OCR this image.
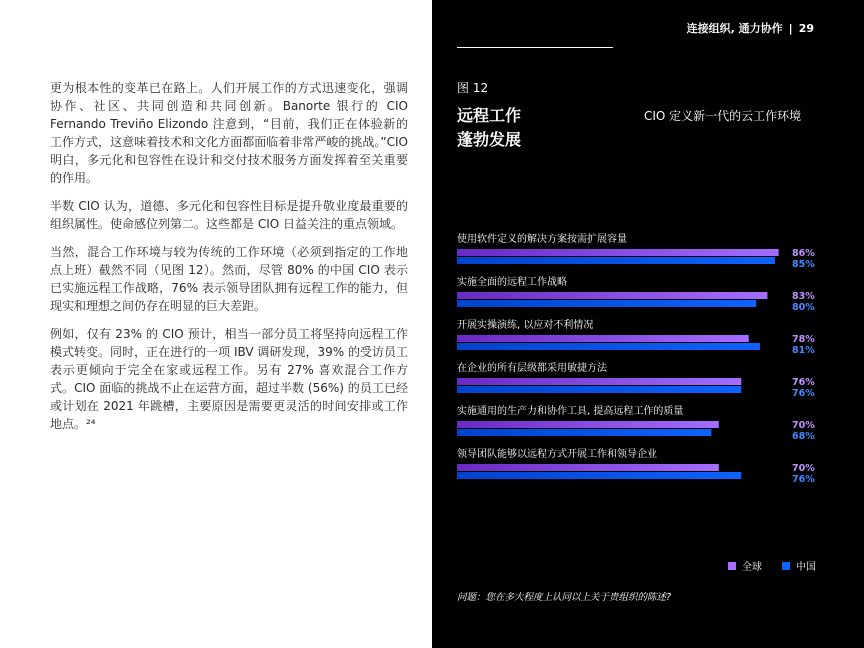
更为根本性的变革已在路上。人们开展工作的方式迅速变化，强调协作、社区、共同创造和共同创新。Banorte 银行的 CIO Fernando Treviño Elizondo 注意到，“目前，我们正在体验新的工作方式，这意味着技术和文化方面都面临着非常严峻的挑战。”CIO 明白，多元化和包容性在设计和交付技术服务方面发挥着至关重要的作用。

半数 CIO 认为，道德、多元化和包容性目标是提升敬业度最重要的组织属性。使命感位列第二。这些都是 CIO 日益关注的重点领域。

当然，混合工作环境与较为传统的工作环境（必须到指定的工作地点上班）截然不同（见图 12）。然而，尽管 80% 的中国 CIO 表示已实施远程工作战略，76% 表示领导团队拥有远程工作的能力，但现实和理想之间仍存在明显的巨大差距。

例如，仅有 23% 的 CIO 预计，相当一部分员工将坚持向远程工作模式转变。同时，正在进行的一项 IBV 调研发现，39% 的受访员工表示更倾向于完全在家或远程工作。另有 27% 喜欢混合工作方式。CIO 面临的挑战不止在运营方面，超过半数 (56%) 的员工已经或计划在 2021 年跳槽，主要原因是需要更灵活的时间安排或工作地点。²⁴

连接组织, 通力协作 | 29
图 12
远程工作
蓬勃发展
CIO 定义新一代的云工作环境
使用软件定义的解决方案按需扩展容量
86%
85%
实施全面的远程工作战略
83%
80%
开展实操演练, 以应对不利情况
78%
81%
在企业的所有层级都采用敏捷方法
76%
76%
实施通用的生产力和协作工具, 提高远程工作的质量
70%
68%
领导团队能够以远程方式开展工作和领导企业
70%
76%
全球	中国
问题：您在多大程度上认同以上关于贵组织的陈述?
